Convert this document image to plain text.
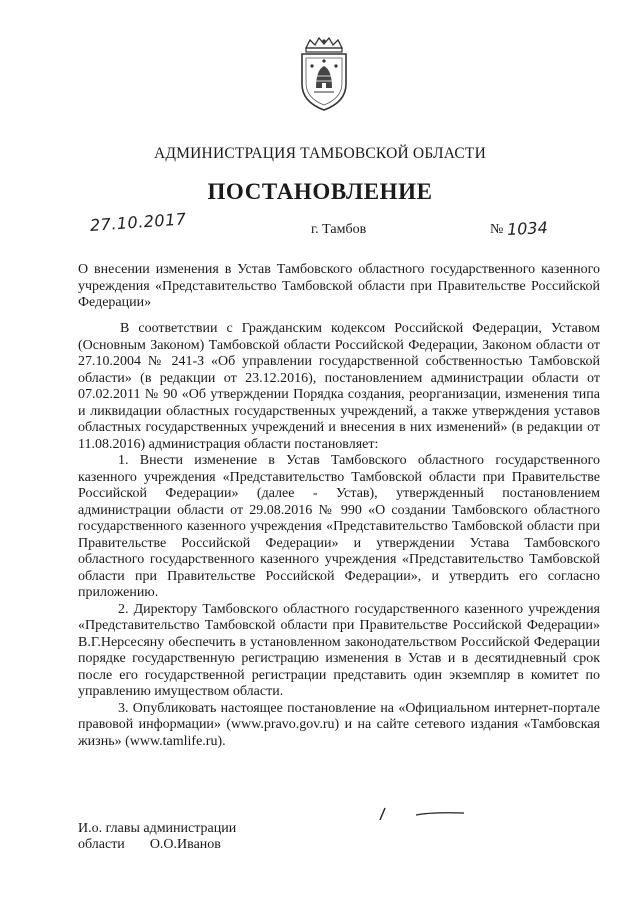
АДМИНИСТРАЦИЯ ТАМБОВСКОЙ ОБЛАСТИ
ПОСТАНОВЛЕНИЕ
27.10.2017	г. Тамбов	№ 1034

О внесении изменения в Устав Тамбовского областного государственного казенного учреждения «Представительство Тамбовской области при Правительстве Российской Федерации»

В соответствии с Гражданским кодексом Российской Федерации, Уставом (Основным Законом) Тамбовской области Российской Федерации, Законом области от 27.10.2004 № 241-З «Об управлении государственной собственностью Тамбовской области» (в редакции от 23.12.2016), постановлением администрации области от 07.02.2011 № 90 «Об утверждении Порядка создания, реорганизации, изменения типа и ликвидации областных государственных учреждений, а также утверждения уставов областных государственных учреждений и внесения в них изменений» (в редакции от 11.08.2016) администрация области постановляет:

1. Внести изменение в Устав Тамбовского областного государственного казенного учреждения «Представительство Тамбовской области при Правительстве Российской Федерации» (далее - Устав), утвержденный постановлением администрации области от 29.08.2016 № 990 «О создании Тамбовского областного государственного казенного учреждения «Представительство Тамбовской области при Правительстве Российской Федерации» и утверждении Устава Тамбовского областного государственного казенного учреждения «Представительство Тамбовской области при Правительстве Российской Федерации», и утвердить его согласно приложению.

2. Директору Тамбовского областного государственного казенного учреждения «Представительство Тамбовской области при Правительстве Российской Федерации» В.Г.Нерсесяну обеспечить в установленном законодательством Российской Федерации порядке государственную регистрацию изменения в Устав и в десятидневный срок после его государственной регистрации представить один экземпляр в комитет по управлению имуществом области.

3. Опубликовать настоящее постановление на «Официальном интернет-портале правовой информации» (www.pravo.gov.ru) и на сайте сетевого издания «Тамбовская жизнь» (www.tamlife.ru).

И.о. главы администрации
области О.О.Иванов
